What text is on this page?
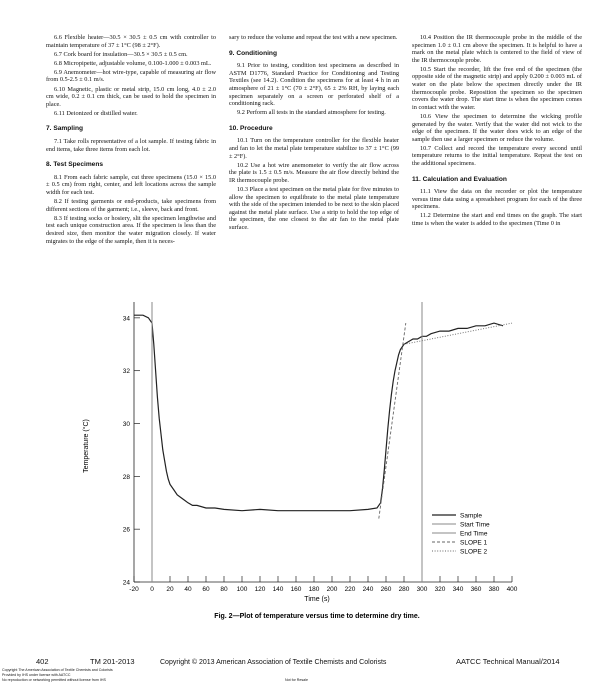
6.6 Flexible heater—30.5 × 30.5 ± 0.5 cm with controller to maintain temperature of 37 ± 1°C (98 ± 2°F).

6.7 Cork board for insulation—30.5 × 30.5 ± 0.5 cm.

6.8 Micropipette, adjustable volume, 0.100-1.000 ± 0.003 mL.

6.9 Anemometer—hot wire-type, capable of measuring air flow from 0.5-2.5 ± 0.1 m/s.

6.10 Magnetic, plastic or metal strip, 15.0 cm long, 4.0 ± 2.0 cm wide, 0.2 ± 0.1 cm thick, can be used to hold the specimen in place.

6.11 Deionized or distilled water.

7. Sampling

7.1 Take rolls representative of a lot sample. If testing fabric in end items, take three items from each lot.

8. Test Specimens

8.1 From each fabric sample, cut three specimens (15.0 × 15.0 ± 0.5 cm) from right, center, and left locations across the sample width for each test.

8.2 If testing garments or end-products, take specimens from different sections of the garment; i.e., sleeve, back and front.

8.3 If testing socks or hosiery, slit the specimen lengthwise and test each unique construction area. If the specimen is less than the desired size, then monitor the water migration closely. If water migrates to the edge of the sample, then it is neces-

sary to reduce the volume and repeat the test with a new specimen.

9. Conditioning

9.1 Prior to testing, condition test specimens as described in ASTM D1776, Standard Practice for Conditioning and Testing Textiles (see 14.2). Condition the specimens for at least 4 h in an atmosphere of 21 ± 1°C (70 ± 2°F), 65 ± 2% RH, by laying each specimen separately on a screen or perforated shelf of a conditioning rack.

9.2 Perform all tests in the standard atmosphere for testing.

10. Procedure

10.1 Turn on the temperature controller for the flexible heater and fan to let the metal plate temperature stabilize to 37 ± 1°C (99 ± 2°F).

10.2 Use a hot wire anemometer to verify the air flow across the plate is 1.5 ± 0.5 m/s. Measure the air flow directly behind the IR thermocouple probe.

10.3 Place a test specimen on the metal plate for five minutes to allow the specimen to equilibrate to the metal plate temperature with the side of the specimen intended to be next to the skin placed against the metal plate surface. Use a strip to hold the top edge of the specimen, the one closest to the air fan to the metal plate surface.

10.4 Position the IR thermocouple probe in the middle of the specimen 1.0 ± 0.1 cm above the specimen. It is helpful to have a mark on the metal plate which is centered to the field of view of the IR thermocouple probe.

10.5 Start the recorder, lift the free end of the specimen (the opposite side of the magnetic strip) and apply 0.200 ± 0.003 mL of water on the plate below the specimen directly under the IR thermocouple probe. Reposition the specimen so the specimen covers the water drop. The start time is when the specimen comes in contact with the water.

10.6 View the specimen to determine the wicking profile generated by the water. Verify that the water did not wick to the edge of the specimen. If the water does wick to an edge of the sample then use a larger specimen or reduce the volume.

10.7 Collect and record the temperature every second until temperature returns to the initial temperature. Repeat the test on the additional specimens.

11. Calculation and Evaluation

11.1 View the data on the recorder or plot the temperature versus time data using a spreadsheet program for each of the three specimens.

11.2 Determine the start and end times on the graph. The start time is when the water is added to the specimen (Time 0 in

24
26
28
30
32
34
-20 0 20 40 60 80 100 120 140 160 180 200 220 240 260 280 300 320 340 360 380 400
Sample
Start Time
End Time
SLOPE 1
SLOPE 2
Time (s)
Temperature (°C)
Fig. 2—Plot of temperature versus time to determine dry time.
402	TM 201-2013	Copyright © 2013 American Association of Textile Chemists and Colorists	AATCC Technical Manual/2014
Copyright The American Association of Textile Chemists and Colorists
Provided by IHS under license with AATCC
No reproduction or networking permitted without license from IHS	Not for Resale
